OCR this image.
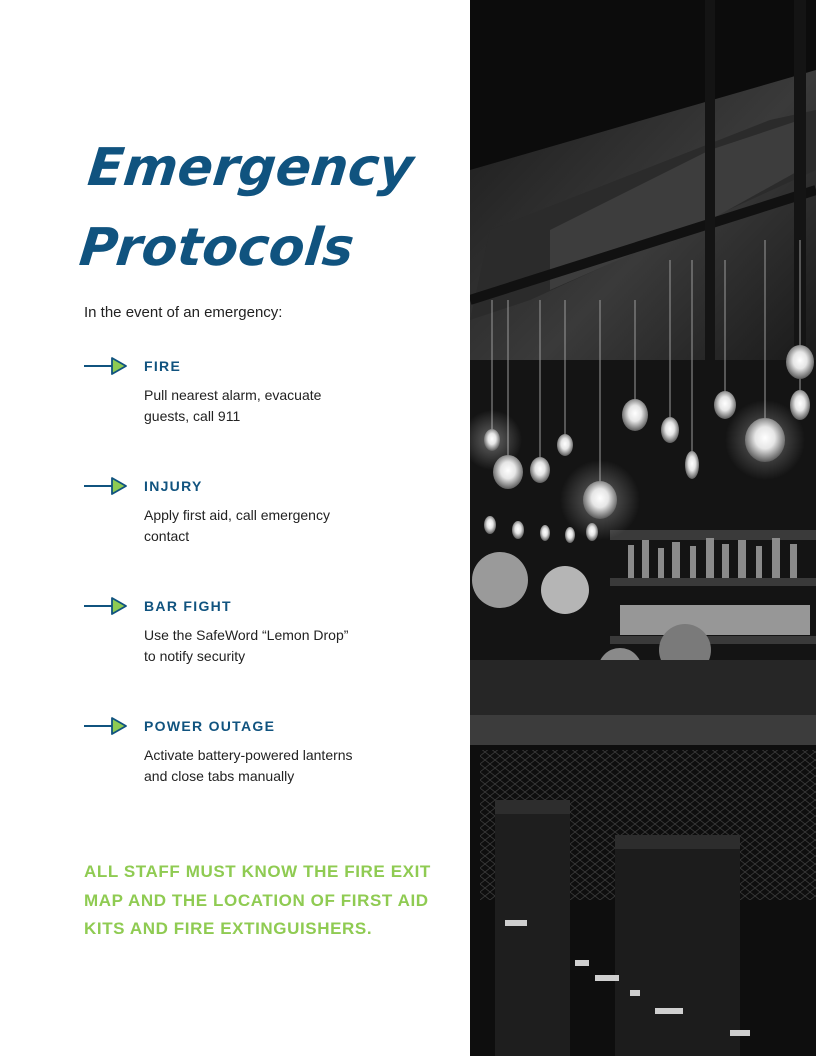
Emergency
Protocols

In the event of an emergency:

FIRE
Pull nearest alarm, evacuate guests, call 911
INJURY
Apply first aid, call emergency contact
BAR FIGHT
Use the SafeWord “Lemon Drop” to notify security
POWER OUTAGE
Activate battery-powered lanterns and close tabs manually

ALL STAFF MUST KNOW THE FIRE EXIT MAP AND THE LOCATION OF FIRST AID KITS AND FIRE EXTINGUISHERS.
